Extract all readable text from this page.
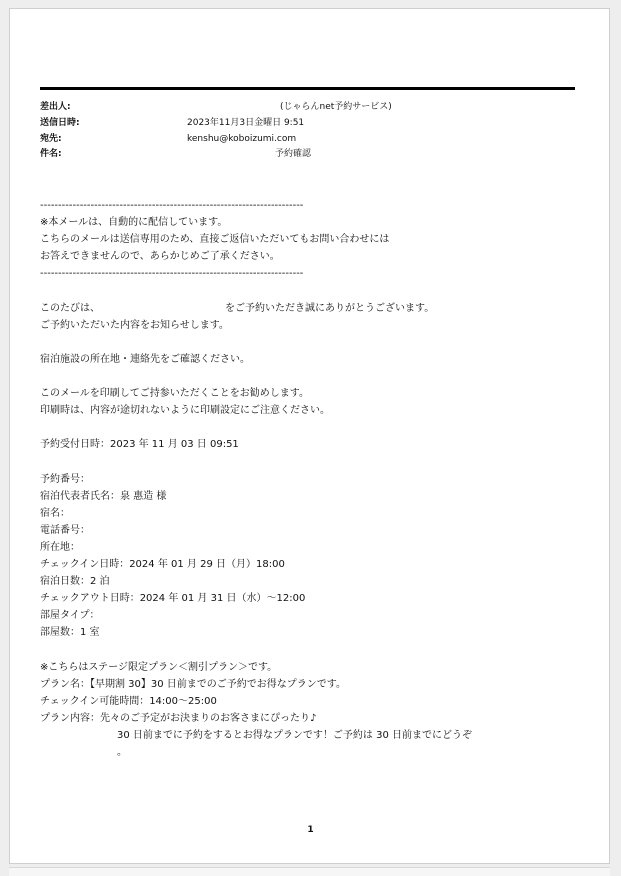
差出人:	(じゃらんnet予約サービス)
送信日時:	2023年11月3日金曜日 9:51
宛先:	kenshu@koboizumi.com
件名:	予約確認
-------------------------------------------------------------------------
※本メールは、自動的に配信しています。
こちらのメールは送信専用のため、直接ご返信いただいてもお問い合わせには
お答えできませんので、あらかじめご了承ください。
-------------------------------------------------------------------------
このたびは、　　　　　　　　　　　　　をご予約いただき誠にありがとうございます。
ご予約いただいた内容をお知らせします。
宿泊施設の所在地・連絡先をご確認ください。
このメールを印刷してご持参いただくことをお勧めします。
印刷時は、内容が途切れないように印刷設定にご注意ください。
予約受付日時：2023 年 11 月 03 日 09:51
予約番号：
宿泊代表者氏名：泉 惠造 様
宿名：
電話番号：
所在地：
チェックイン日時：2024 年 01 月 29 日（月）18:00
宿泊日数：2 泊
チェックアウト日時：2024 年 01 月 31 日（水）～12:00
部屋タイプ：
部屋数：1 室
※こちらはステージ限定プラン＜割引プラン＞です。
プラン名：【早期割 30】30 日前までのご予約でお得なプランです。
チェックイン可能時間：14:00～25:00
プラン内容：先々のご予定がお決まりのお客さまにぴったり♪
30 日前までに予約をするとお得なプランです！ご予約は 30 日前までにどうぞ
。
1
